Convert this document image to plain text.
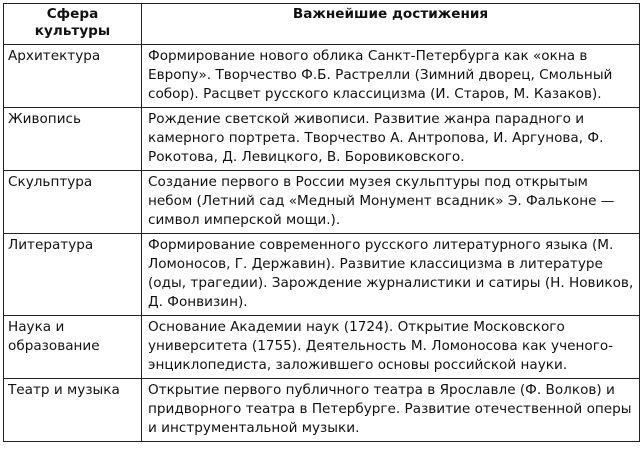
Сфера культуры	Важнейшие достижения
Архитектура	Формирование нового облика Санкт-Петербурга как «окна в Европу». Творчество Ф.Б. Растрелли (Зимний дворец, Смольный собор). Расцвет русского классицизма (И. Старов, М. Казаков).
Живопись	Рождение светской живописи. Развитие жанра парадного и камерного портрета. Творчество А. Антропова, И. Аргунова, Ф. Рокотова, Д. Левицкого, В. Боровиковского.
Скульптура	Создание первого в России музея скульптуры под открытым небом (Летний сад «Медный Монумент всадник» Э. Фальконе — символ имперской мощи.).
Литература	Формирование современного русского литературного языка (М. Ломоносов, Г. Державин). Развитие классицизма в литературе (оды, трагедии). Зарождение журналистики и сатиры (Н. Новиков, Д. Фонвизин).
Наука и образование	Основание Академии наук (1724). Открытие Московского университета (1755). Деятельность М. Ломоносова как ученого-энциклопедиста, заложившего основы российской науки.
Театр и музыка	Открытие первого публичного театра в Ярославле (Ф. Волков) и придворного театра в Петербурге. Развитие отечественной оперы и инструментальной музыки.
